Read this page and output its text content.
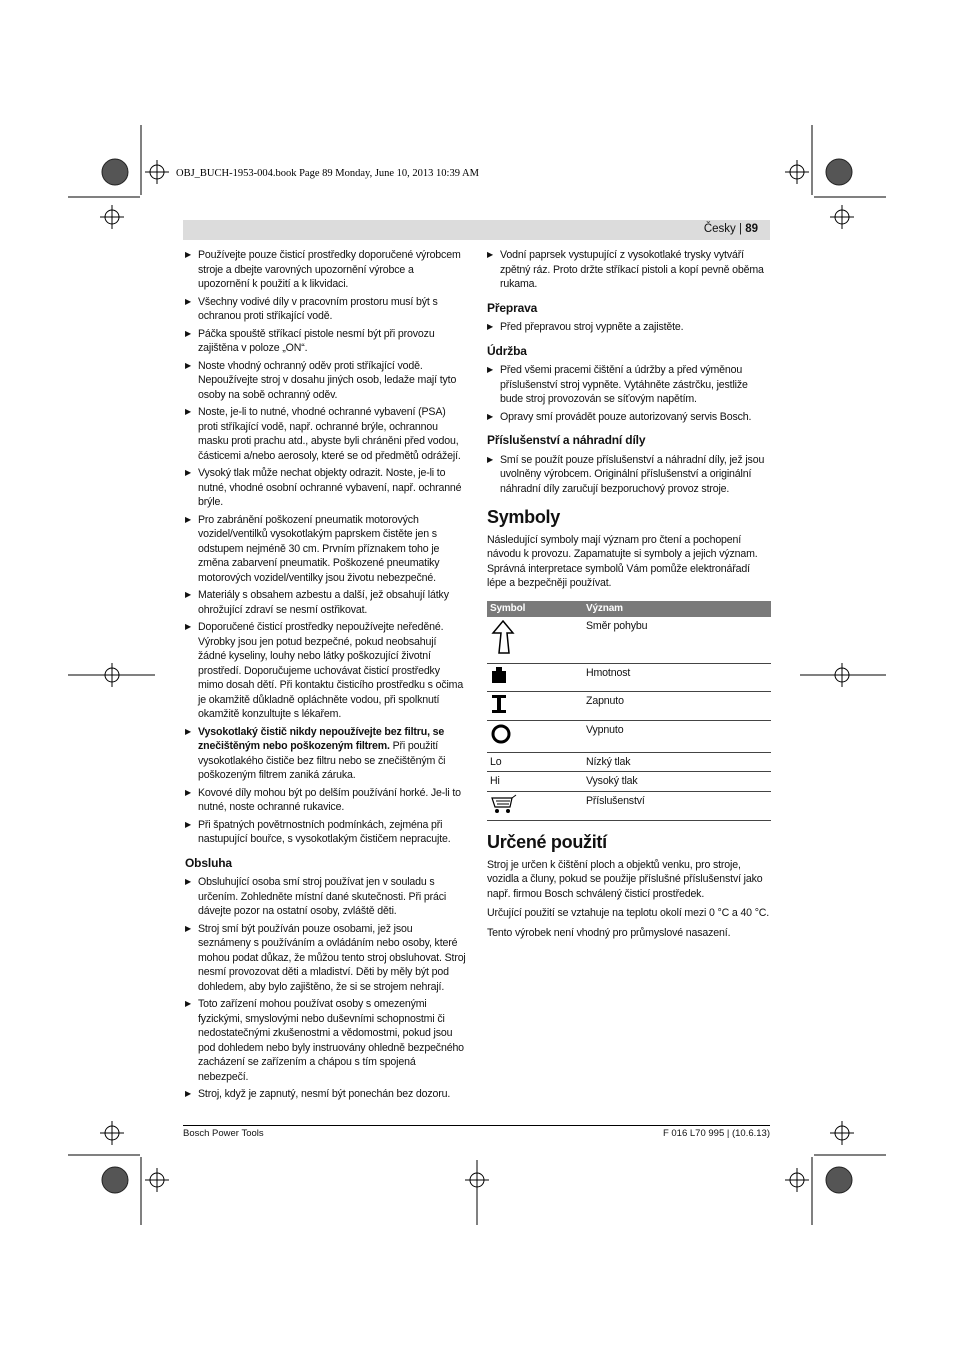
OBJ_BUCH-1953-004.book Page 89 Monday, June 10, 2013 10:39 AM
Česky | 89
▶ Používejte pouze čisticí prostředky doporučené výrobcem stroje a dbejte varovných upozornění výrobce a upozornění k použití a k likvidaci.
▶ Všechny vodivé díly v pracovním prostoru musí být s ochranou proti stříkající vodě.
▶ Páčka spouště stříkací pistole nesmí být při provozu zajištěna v poloze „ON“.
▶ Noste vhodný ochranný oděv proti stříkající vodě. Nepoužívejte stroj v dosahu jiných osob, ledaže mají tyto osoby na sobě ochranný oděv.
▶ Noste, je-li to nutné, vhodné ochranné vybavení (PSA) proti stříkající vodě, např. ochranné brýle, ochrannou masku proti prachu atd., abyste byli chráněni před vodou, částicemi a/nebo aerosoly, které se od předmětů odrážejí.
▶ Vysoký tlak může nechat objekty odrazit. Noste, je-li to nutné, vhodné osobní ochranné vybavení, např. ochranné brýle.
▶ Pro zabránění poškození pneumatik motorových vozidel/ventilků vysokotlakým paprskem čistěte jen s odstupem nejméně 30 cm. Prvním příznakem toho je změna zabarvení pneumatik. Poškozené pneumatiky motorových vozidel/ventilky jsou životu nebezpečné.
▶ Materiály s obsahem azbestu a další, jež obsahují látky ohrožující zdraví se nesmí ostřikovat.
▶ Doporučené čisticí prostředky nepoužívejte neředěné. Výrobky jsou jen potud bezpečné, pokud neobsahují žádné kyseliny, louhy nebo látky poškozující životní prostředí. Doporučujeme uchovávat čisticí prostředky mimo dosah dětí. Při kontaktu čisticího prostředku s očima je okamžitě důkladně opláchněte vodou, při spolknutí okamžitě konzultujte s lékařem.
▶ Vysokotlaký čistič nikdy nepoužívejte bez filtru, se znečištěným nebo poškozeným filtrem. Při použití vysokotlakého čističe bez filtru nebo se znečištěným či poškozeným filtrem zaniká záruka.
▶ Kovové díly mohou být po delším používání horké. Je-li to nutné, noste ochranné rukavice.
▶ Při špatných povětrnostních podmínkách, zejména při nastupující bouřce, s vysokotlakým čističem nepracujte.
Obsluha
▶ Obsluhující osoba smí stroj používat jen v souladu s určením. Zohledněte místní dané skutečnosti. Při práci dávejte pozor na ostatní osoby, zvláště děti.
▶ Stroj smí být používán pouze osobami, jež jsou seznámeny s používáním a ovládáním nebo osoby, které mohou podat důkaz, že můžou tento stroj obsluhovat. Stroj nesmí provozovat děti a mladiství. Děti by měly být pod dohledem, aby bylo zajištěno, že si se strojem nehrají.
▶ Toto zařízení mohou používat osoby s omezenými fyzickými, smyslovými nebo duševními schopnostmi či nedostatečnými zkušenostmi a vědomostmi, pokud jsou pod dohledem nebo byly instruovány ohledně bezpečného zacházení se zařízením a chápou s tím spojená nebezpečí.
▶ Stroj, když je zapnutý, nesmí být ponechán bez dozoru.
▶ Vodní paprsek vystupující z vysokotlaké trysky vytváří zpětný ráz. Proto držte stříkací pistoli a kopí pevně oběma rukama.
Přeprava
▶ Před přepravou stroj vypněte a zajistěte.
Údržba
▶ Před všemi pracemi čištění a údržby a před výměnou příslušenství stroj vypněte. Vytáhněte zástrčku, jestliže bude stroj provozován se síťovým napětím.
▶ Opravy smí provádět pouze autorizovaný servis Bosch.
Příslušenství a náhradní díly
▶ Smí se použít pouze příslušenství a náhradní díly, jež jsou uvolněny výrobcem. Originální příslušenství a originální náhradní díly zaručují bezporuchový provoz stroje.
Symboly
Následující symboly mají význam pro čtení a pochopení návodu k provozu. Zapamatujte si symboly a jejich význam. Správná interpretace symbolů Vám pomůže elektronářadí lépe a bezpečněji používat.
Symbol	Význam
	Směr pohybu
	Hmotnost
	Zapnuto
	Vypnuto
Lo	Nízký tlak
Hi	Vysoký tlak
	Příslušenství
Určené použití
Stroj je určen k čištění ploch a objektů venku, pro stroje, vozidla a čluny, pokud se použije příslušné příslušenství jako např. firmou Bosch schválený čisticí prostředek.
Určující použití se vztahuje na teplotu okolí mezi 0 °C a 40 °C.
Tento výrobek není vhodný pro průmyslové nasazení.
Bosch Power Tools	F 016 L70 995 | (10.6.13)
